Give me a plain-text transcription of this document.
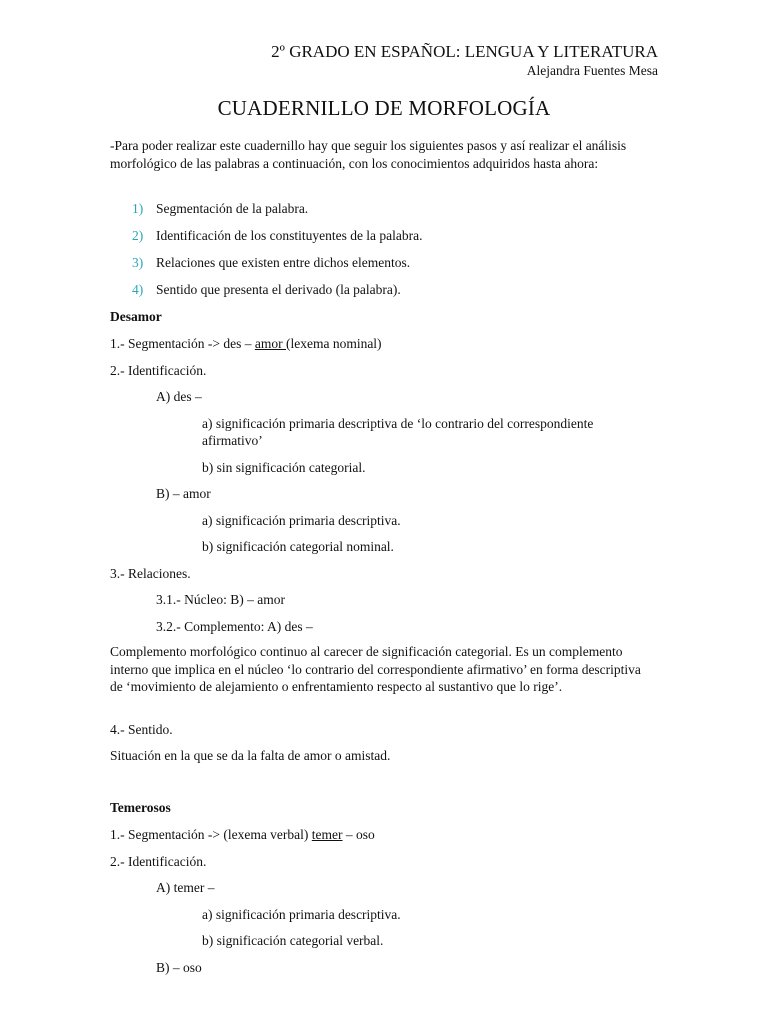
2º GRADO EN ESPAÑOL: LENGUA Y LITERATURA
Alejandra Fuentes Mesa
CUADERNILLO DE MORFOLOGÍA
-Para poder realizar este cuadernillo hay que seguir los siguientes pasos y así realizar el análisis morfológico de las palabras a continuación, con los conocimientos adquiridos hasta ahora:
1) Segmentación de la palabra.
2) Identificación de los constituyentes de la palabra.
3) Relaciones que existen entre dichos elementos.
4) Sentido que presenta el derivado (la palabra).
Desamor
1.- Segmentación -> des – amor (lexema nominal)
2.- Identificación.
A) des –
a) significación primaria descriptiva de ‘lo contrario del correspondiente
afirmativo’
b) sin significación categorial.
B) – amor
a) significación primaria descriptiva.
b) significación categorial nominal.
3.- Relaciones.
3.1.- Núcleo: B) – amor
3.2.- Complemento: A) des –
Complemento morfológico continuo al carecer de significación categorial. Es un complemento interno que implica en el núcleo ‘lo contrario del correspondiente afirmativo’ en forma descriptiva de ‘movimiento de alejamiento o enfrentamiento respecto al sustantivo que lo rige’.
4.- Sentido.
Situación en la que se da la falta de amor o amistad.
Temerosos
1.- Segmentación -> (lexema verbal) temer – oso
2.- Identificación.
A) temer –
a) significación primaria descriptiva.
b) significación categorial verbal.
B) – oso
